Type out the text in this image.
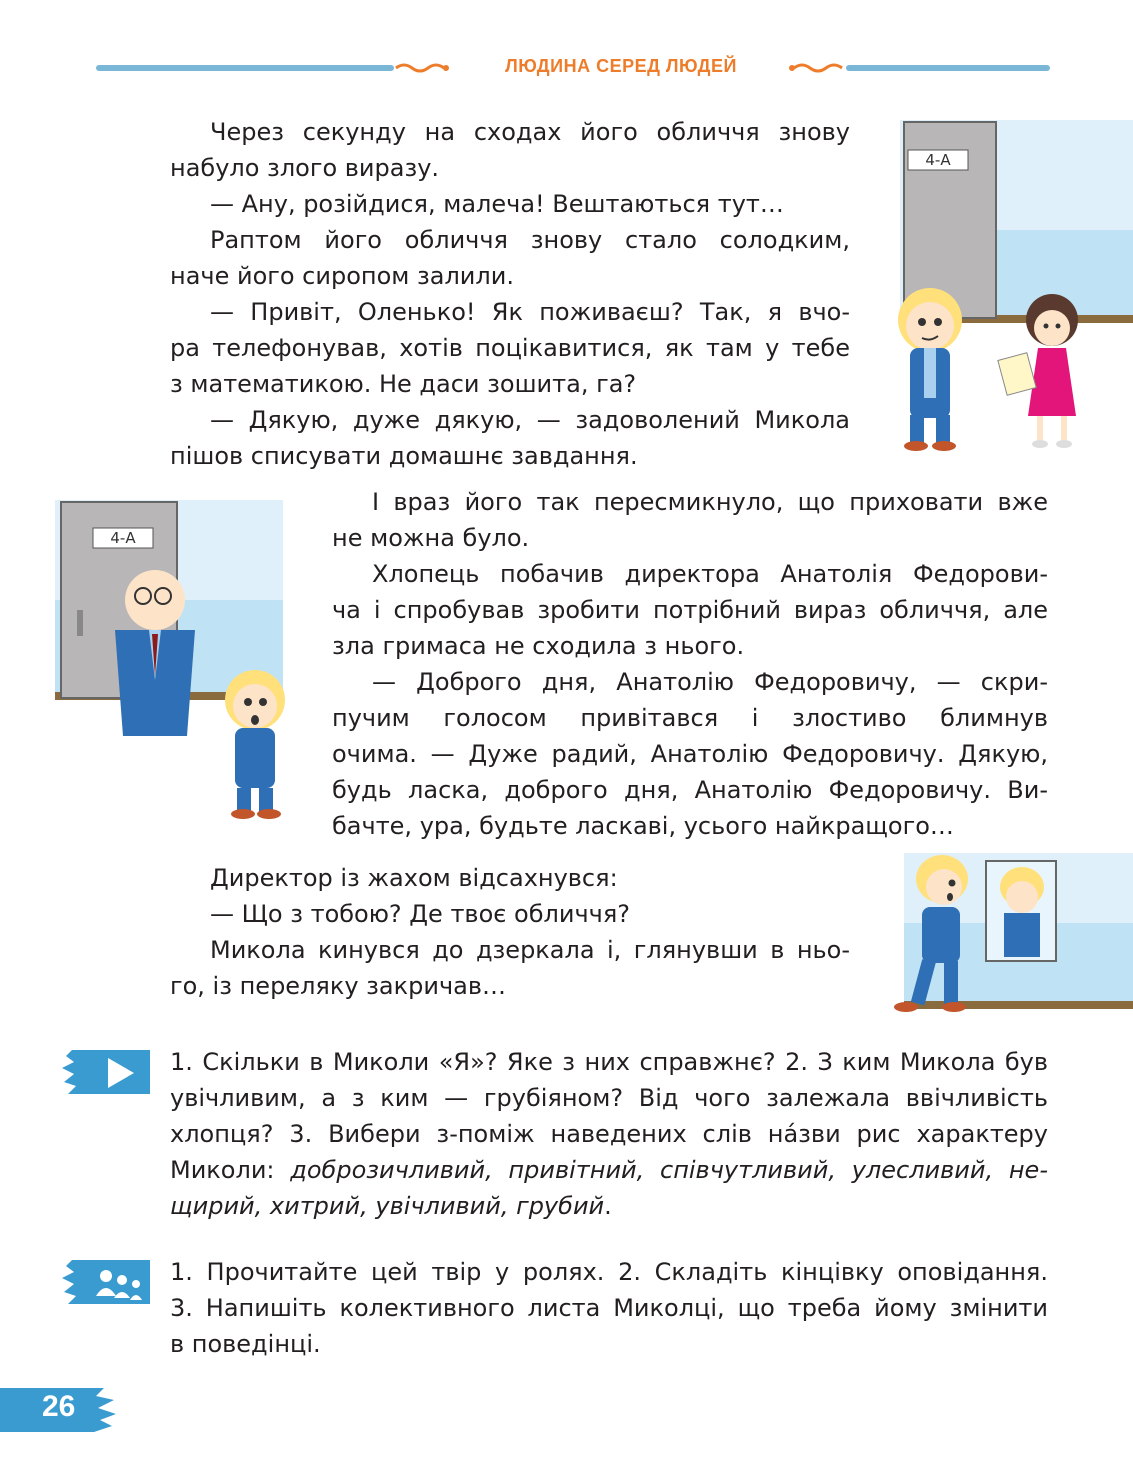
ЛЮДИНА СЕРЕД ЛЮДЕЙ
Через секунду на сходах його обличчя знову
набуло злого виразу.
— Ану, розійдися, малеча! Вештаються тут…
Раптом його обличчя знову стало солодким,
наче його сиропом залили.
— Привіт, Оленько! Як поживаєш? Так, я вчо-
ра телефонував, хотів поцікавитися, як там у тебе
з математикою. Не даси зошита, га?
— Дякую, дуже дякую, — задоволений Микола
пішов списувати домашнє завдання.
4-А
4-А
І враз його так пересмикнуло, що приховати вже
не можна було.
Хлопець побачив директора Анатолія Федорови-
ча і спробував зробити потрібний вираз обличчя, але
зла гримаса не сходила з нього.
— Доброго дня, Анатолію Федоровичу, — скри-
пучим голосом привітався і злостиво блимнув
очима. — Дуже радий, Анатолію Федоровичу. Дякую,
будь ласка, доброго дня, Анатолію Федоровичу. Ви-
бачте, ура, будьте ласкаві, усього найкращого…
Директор із жахом відсахнувся:
— Що з тобою? Де твоє обличчя?
Микола кинувся до дзеркала і, глянувши в ньо-
го, із переляку закричав…
1. Скільки в Миколи «Я»? Яке з них справжнє? 2. З ким Микола був
увічливим, а з ким — грубіяном? Від чого залежала ввічливість
хлопця? 3. Вибери з-поміж наведених слів нáзви рис характеру
Миколи: доброзичливий, привітний, співчутливий, улесливий, не-
щирий, хитрий, увічливий, грубий.
1. Прочитайте цей твір у ролях. 2. Складіть кінцівку оповідання.
3. Напишіть колективного листа Миколці, що треба йому змінити
в поведінці.
26
